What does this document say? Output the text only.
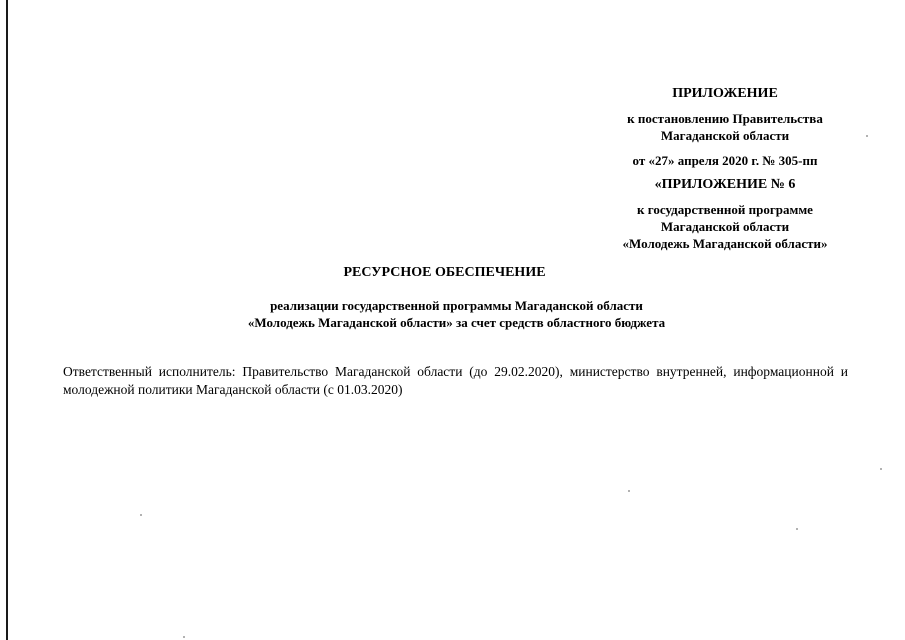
ПРИЛОЖЕНИЕ
к постановлению Правительства
Магаданской области
от «27» апреля 2020 г. № 305-пп
«ПРИЛОЖЕНИЕ № 6
к государственной программе
Магаданской области
«Молодежь Магаданской области»
РЕСУРСНОЕ ОБЕСПЕЧЕНИЕ
реализации государственной программы Магаданской области
«Молодежь Магаданской области» за счет средств областного бюджета
Ответственный исполнитель: Правительство Магаданской области (до 29.02.2020), министерство внутренней, информационной и молодежной политики Магаданской области (с 01.03.2020)
